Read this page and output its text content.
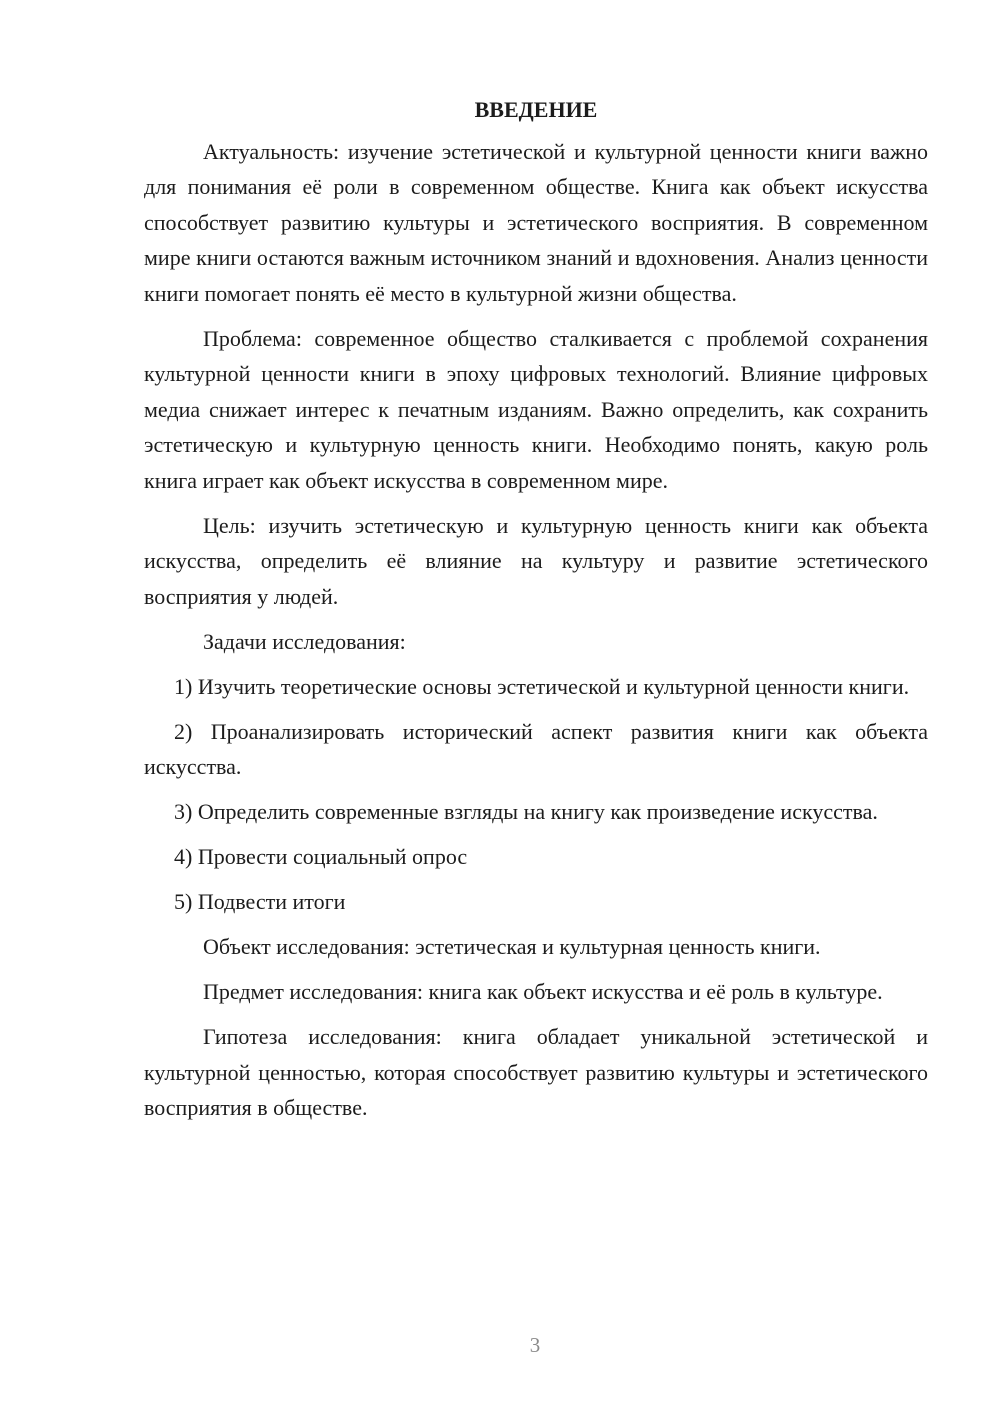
ВВЕДЕНИЕ

Актуальность: изучение эстетической и культурной ценности книги важно для понимания её роли в современном обществе. Книга как объект искусства способствует развитию культуры и эстетического восприятия. В современном мире книги остаются важным источником знаний и вдохновения. Анализ ценности книги помогает понять её место в культурной жизни общества.

Проблема: современное общество сталкивается с проблемой сохранения культурной ценности книги в эпоху цифровых технологий. Влияние цифровых медиа снижает интерес к печатным изданиям. Важно определить, как сохранить эстетическую и культурную ценность книги. Необходимо понять, какую роль книга играет как объект искусства в современном мире.

Цель: изучить эстетическую и культурную ценность книги как объекта искусства, определить её влияние на культуру и развитие эстетического восприятия у людей.

Задачи исследования:

1) Изучить теоретические основы эстетической и культурной ценности книги.

2) Проанализировать исторический аспект развития книги как объекта искусства.

3) Определить современные взгляды на книгу как произведение искусства.

4) Провести социальный опрос

5) Подвести итоги

Объект исследования: эстетическая и культурная ценность книги.

Предмет исследования: книга как объект искусства и её роль в культуре.

Гипотеза исследования: книга обладает уникальной эстетической и культурной ценностью, которая способствует развитию культуры и эстетического восприятия в обществе.

3
